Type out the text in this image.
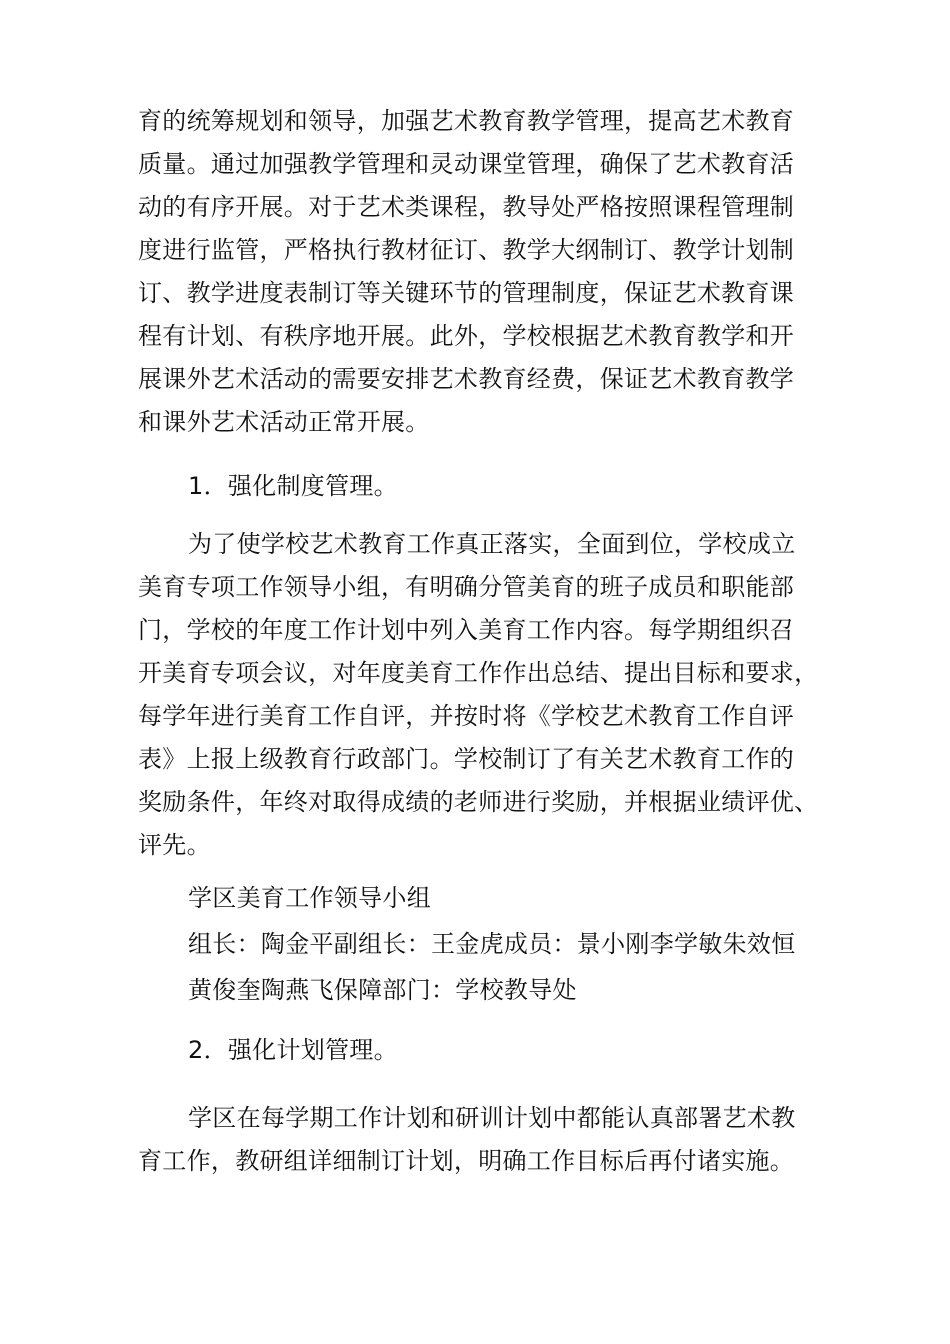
育的统筹规划和领导，加强艺术教育教学管理，提高艺术教育
质量。通过加强教学管理和灵动课堂管理，确保了艺术教育活
动的有序开展。对于艺术类课程，教导处严格按照课程管理制
度进行监管，严格执行教材征订、教学大纲制订、教学计划制
订、教学进度表制订等关键环节的管理制度，保证艺术教育课
程有计划、有秩序地开展。此外，学校根据艺术教育教学和开
展课外艺术活动的需要安排艺术教育经费，保证艺术教育教学
和课外艺术活动正常开展。
1．强化制度管理。
为了使学校艺术教育工作真正落实，全面到位，学校成立
美育专项工作领导小组，有明确分管美育的班子成员和职能部
门，学校的年度工作计划中列入美育工作内容。每学期组织召
开美育专项会议，对年度美育工作作出总结、提出目标和要求，
每学年进行美育工作自评，并按时将《学校艺术教育工作自评
表》上报上级教育行政部门。学校制订了有关艺术教育工作的
奖励条件，年终对取得成绩的老师进行奖励，并根据业绩评优、
评先。
学区美育工作领导小组
组长：陶金平副组长：王金虎成员：景小刚李学敏朱效恒
黄俊奎陶燕飞保障部门：学校教导处
2．强化计划管理。
学区在每学期工作计划和研训计划中都能认真部署艺术教
育工作，教研组详细制订计划，明确工作目标后再付诸实施。
